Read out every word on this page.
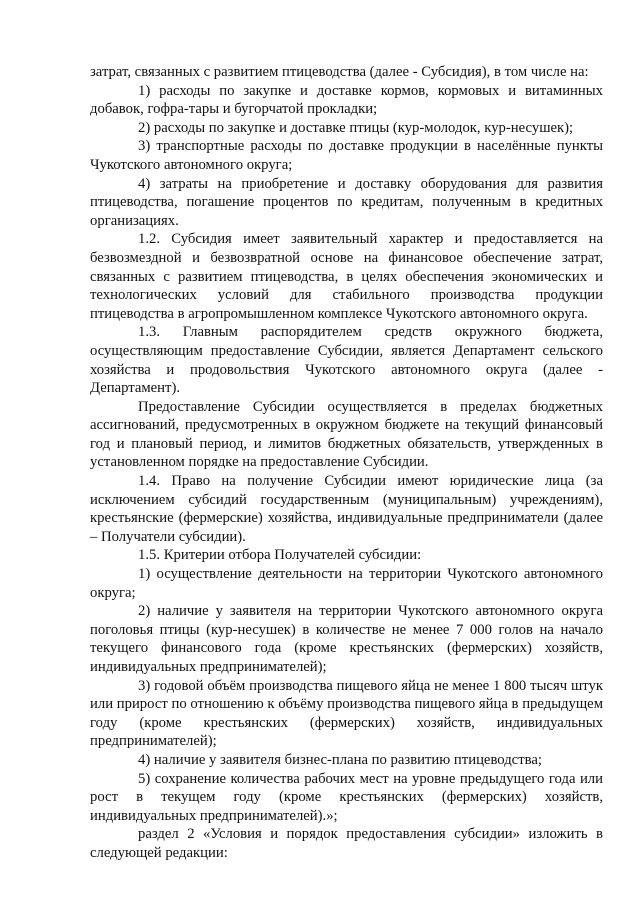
затрат, связанных с развитием птицеводства (далее - Субсидия), в том числе на:

1) расходы по закупке и доставке кормов, кормовых и витаминных добавок, гофра-тары и бугорчатой прокладки;

2) расходы по закупке и доставке птицы (кур-молодок, кур-несушек);

3) транспортные расходы по доставке продукции в населённые пункты Чукотского автономного округа;

4) затраты на приобретение и доставку оборудования для развития птицеводства, погашение процентов по кредитам, полученным в кредитных организациях.

1.2. Субсидия имеет заявительный характер и предоставляется на безвозмездной и безвозвратной основе на финансовое обеспечение затрат, связанных с развитием птицеводства, в целях обеспечения экономических и технологических условий для стабильного производства продукции птицеводства в агропромышленном комплексе Чукотского автономного округа.

1.3. Главным распорядителем средств окружного бюджета, осуществляющим предоставление Субсидии, является Департамент сельского хозяйства и продовольствия Чукотского автономного округа (далее - Департамент).

Предоставление Субсидии осуществляется в пределах бюджетных ассигнований, предусмотренных в окружном бюджете на текущий финансовый год и плановый период, и лимитов бюджетных обязательств, утвержденных в установленном порядке на предоставление Субсидии.

1.4. Право на получение Субсидии имеют юридические лица (за исключением субсидий государственным (муниципальным) учреждениям), крестьянские (фермерские) хозяйства, индивидуальные предприниматели (далее – Получатели субсидии).

1.5. Критерии отбора Получателей субсидии:

1) осуществление деятельности на территории Чукотского автономного округа;

2) наличие у заявителя на территории Чукотского автономного округа поголовья птицы (кур-несушек) в количестве не менее 7 000 голов на начало текущего финансового года (кроме крестьянских (фермерских) хозяйств, индивидуальных предпринимателей);

3) годовой объём производства пищевого яйца не менее 1 800 тысяч штук или прирост по отношению к объёму производства пищевого яйца в предыдущем году (кроме крестьянских (фермерских) хозяйств, индивидуальных предпринимателей);

4) наличие у заявителя бизнес-плана по развитию птицеводства;

5) сохранение количества рабочих мест на уровне предыдущего года или рост в текущем году (кроме крестьянских (фермерских) хозяйств, индивидуальных предпринимателей).»;

раздел 2 «Условия и порядок предоставления субсидии» изложить в следующей редакции:
